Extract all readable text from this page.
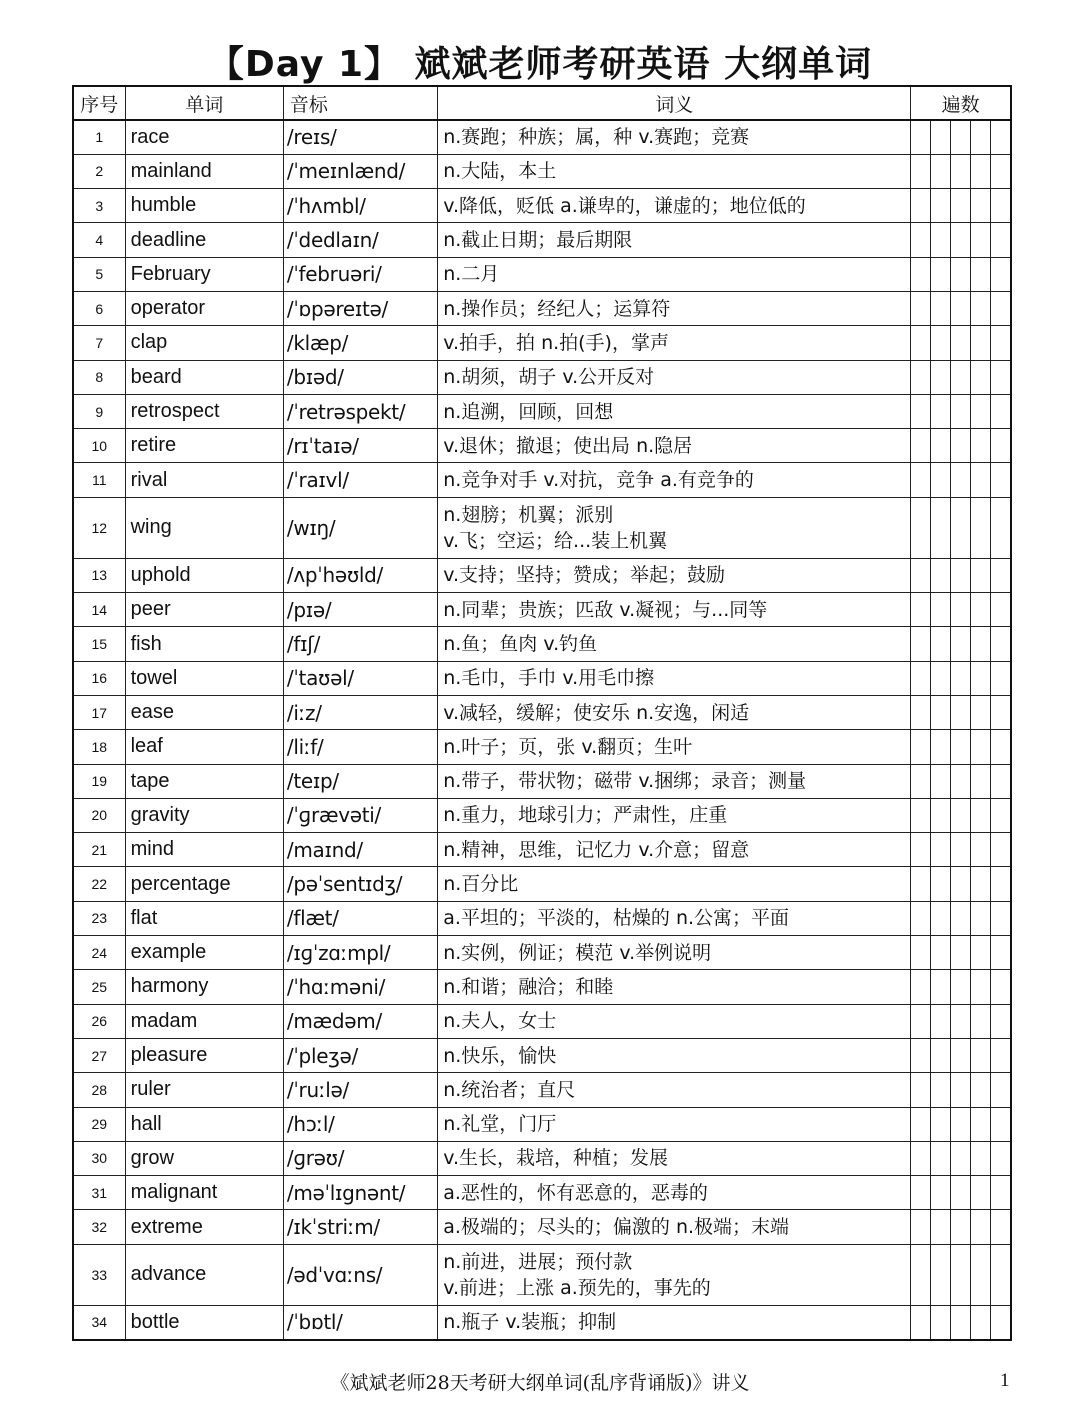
【Day 1】 斌斌老师考研英语 大纲单词
序号	单词	音标	词义	遍数				
1	race	/reɪs/	n.赛跑；种族；属，种 v.赛跑；竞赛					

2	mainland	/ˈmeɪnlænd/	n.大陆，本土					

3	humble	/ˈhʌmbl/	v.降低，贬低 a.谦卑的，谦虚的；地位低的					

4	deadline	/ˈdedlaɪn/	n.截止日期；最后期限					

5	February	/ˈfebruəri/	n.二月					

6	operator	/ˈɒpəreɪtə/	n.操作员；经纪人；运算符					

7	clap	/klæp/	v.拍手，拍 n.拍(手)，掌声					

8	beard	/bɪəd/	n.胡须，胡子 v.公开反对					

9	retrospect	/ˈretrəspekt/	n.追溯，回顾，回想					

10	retire	/rɪˈtaɪə/	v.退休；撤退；使出局 n.隐居					

11	rival	/ˈraɪvl/	n.竞争对手 v.对抗，竞争 a.有竞争的					

12	wing	/wɪŋ/	n.翅膀；机翼；派别
v.飞；空运；给...装上机翼					

13	uphold	/ʌpˈhəʊld/	v.支持；坚持；赞成；举起；鼓励					

14	peer	/pɪə/	n.同辈；贵族；匹敌 v.凝视；与...同等					

15	fish	/fɪʃ/	n.鱼；鱼肉 v.钓鱼					

16	towel	/ˈtaʊəl/	n.毛巾，手巾 v.用毛巾擦					

17	ease	/iːz/	v.减轻，缓解；使安乐 n.安逸，闲适					

18	leaf	/liːf/	n.叶子；页，张 v.翻页；生叶					

19	tape	/teɪp/	n.带子，带状物；磁带 v.捆绑；录音；测量					

20	gravity	/ˈɡrævəti/	n.重力，地球引力；严肃性，庄重					

21	mind	/maɪnd/	n.精神，思维，记忆力 v.介意；留意					

22	percentage	/pəˈsentɪdʒ/	n.百分比					

23	flat	/flæt/	a.平坦的；平淡的，枯燥的 n.公寓；平面					

24	example	/ɪɡˈzɑːmpl/	n.实例，例证；模范 v.举例说明					

25	harmony	/ˈhɑːməni/	n.和谐；融洽；和睦					

26	madam	/mædəm/	n.夫人，女士					

27	pleasure	/ˈpleʒə/	n.快乐，愉快					

28	ruler	/ˈruːlə/	n.统治者；直尺					

29	hall	/hɔːl/	n.礼堂，门厅					

30	grow	/ɡrəʊ/	v.生长，栽培，种植；发展					

31	malignant	/məˈlɪgnənt/	a.恶性的，怀有恶意的，恶毒的					

32	extreme	/ɪkˈstriːm/	a.极端的；尽头的；偏激的 n.极端；末端					

33	advance	/ədˈvɑːns/	n.前进，进展；预付款
v.前进；上涨 a.预先的，事先的					

34	bottle	/ˈbɒtl/	n.瓶子 v.装瓶；抑制					

《斌斌老师28天考研大纲单词(乱序背诵版)》讲义	1
